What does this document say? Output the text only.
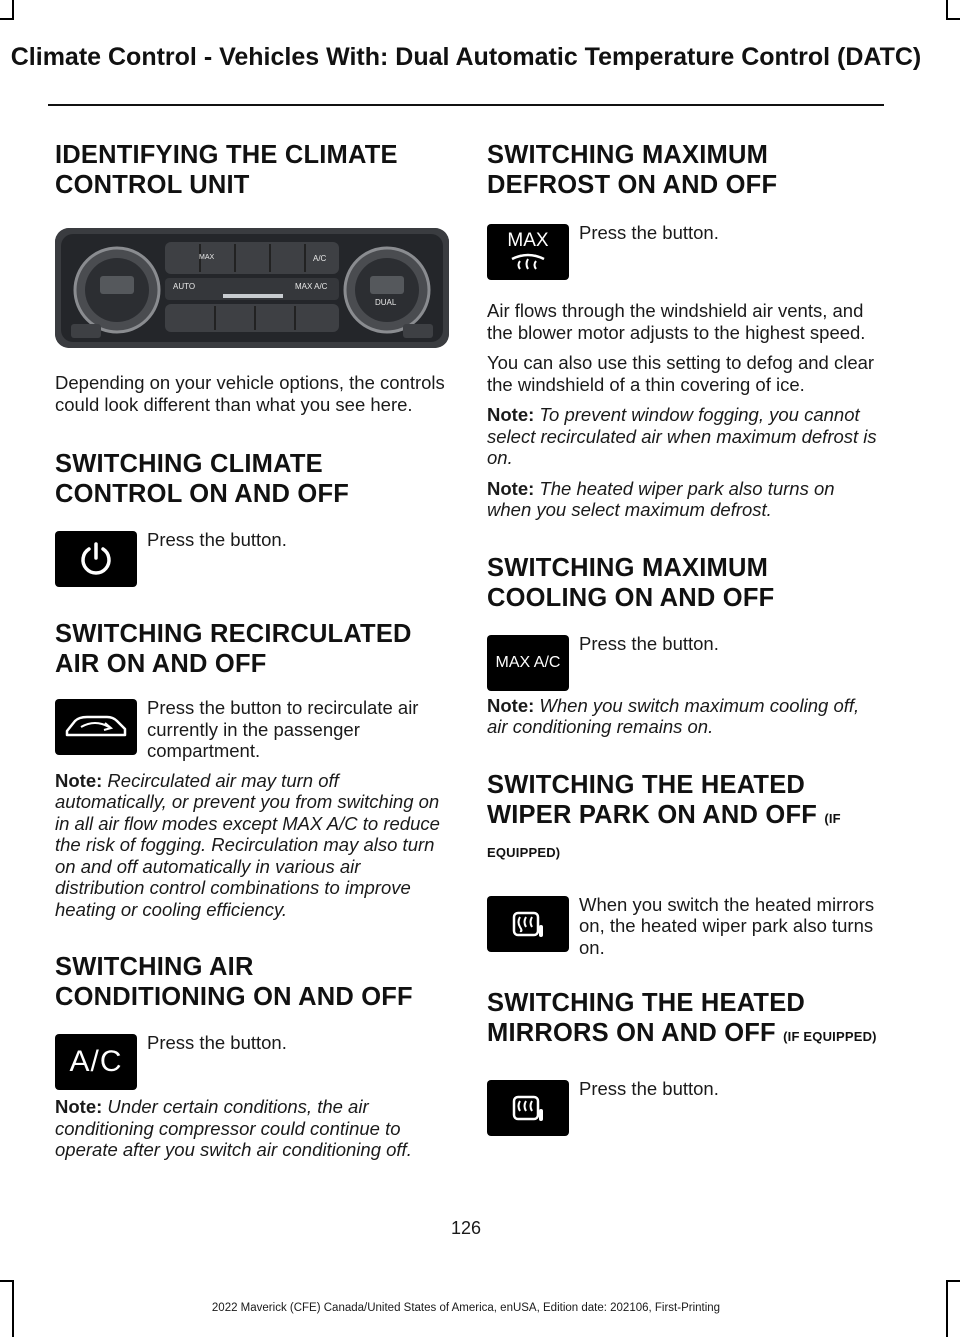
Climate Control - Vehicles With: Dual Automatic Temperature Control (DATC)
IDENTIFYING THE CLIMATE CONTROL UNIT
AUTO	MAX A/C
DUAL
A/C
MAX

Depending on your vehicle options, the controls could look different than what you see here.

SWITCHING CLIMATE CONTROL ON AND OFF
Press the button.
SWITCHING RECIRCULATED AIR ON AND OFF
Press the button to recirculate air currently in the passenger compartment.

Note: Recirculated air may turn off automatically, or prevent you from switching on in all air flow modes except MAX A/C to reduce the risk of fogging. Recirculation may also turn on and off automatically in various air distribution control combinations to improve heating or cooling efficiency.

SWITCHING AIR CONDITIONING ON AND OFF
A/C
Press the button.

Note: Under certain conditions, the air conditioning compressor could continue to operate after you switch air conditioning off.

SWITCHING MAXIMUM DEFROST ON AND OFF
MAX Press the button.

Air flows through the windshield air vents, and the blower motor adjusts to the highest speed.

You can also use this setting to defog and clear the windshield of a thin covering of ice.

Note: To prevent window fogging, you cannot select recirculated air when maximum defrost is on.

Note: The heated wiper park also turns on when you select maximum defrost.

SWITCHING MAXIMUM COOLING ON AND OFF
MAX A/C
Press the button.

Note: When you switch maximum cooling off, air conditioning remains on.

SWITCHING THE HEATED WIPER PARK ON AND OFF (IF EQUIPPED)
When you switch the heated mirrors on, the heated wiper park also turns on.
SWITCHING THE HEATED MIRRORS ON AND OFF (IF EQUIPPED)
Press the button.
126
2022 Maverick (CFE) Canada/United States of America, enUSA, Edition date: 202106, First-Printing
